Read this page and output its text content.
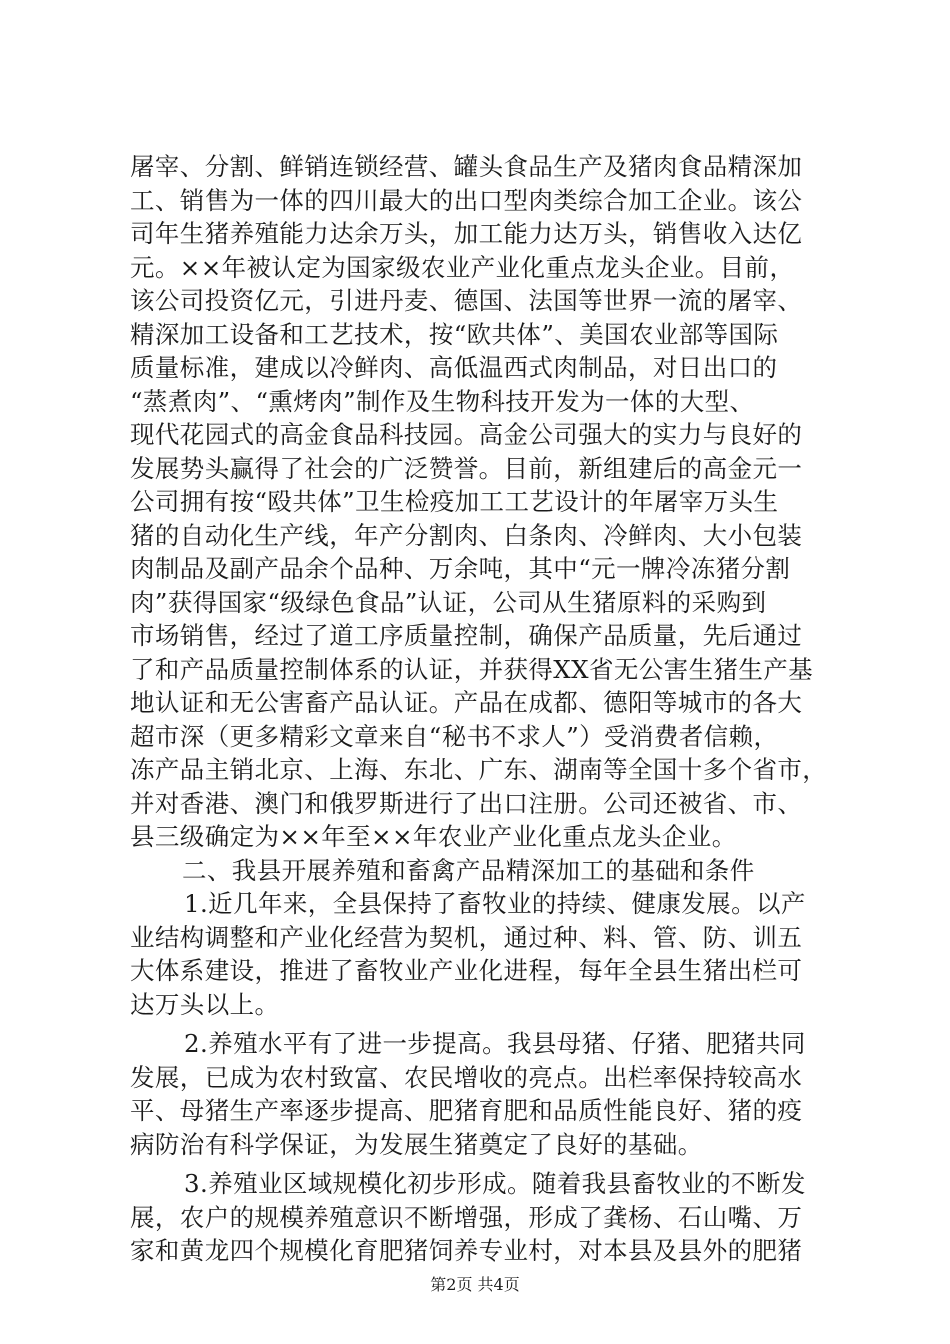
屠宰、分割、鲜销连锁经营、罐头食品生产及猪肉食品精深加
工、销售为一体的四川最大的出口型肉类综合加工企业。该公
司年生猪养殖能力达余万头，加工能力达万头，销售收入达亿
元。××年被认定为国家级农业产业化重点龙头企业。目前，
该公司投资亿元，引进丹麦、德国、法国等世界一流的屠宰、
精深加工设备和工艺技术，按“欧共体”、美国农业部等国际
质量标准，建成以冷鲜肉、高低温西式肉制品，对日出口的
“蒸煮肉”、“熏烤肉”制作及生物科技开发为一体的大型、
现代花园式的高金食品科技园。高金公司强大的实力与良好的
发展势头赢得了社会的广泛赞誉。目前，新组建后的高金元一
公司拥有按“殴共体”卫生检疫加工工艺设计的年屠宰万头生
猪的自动化生产线，年产分割肉、白条肉、冷鲜肉、大小包装
肉制品及副产品余个品种、万余吨，其中“元一牌冷冻猪分割
肉”获得国家“级绿色食品”认证，公司从生猪原料的采购到
市场销售，经过了道工序质量控制，确保产品质量，先后通过
了和产品质量控制体系的认证，并获得XX省无公害生猪生产基
地认证和无公害畜产品认证。产品在成都、德阳等城市的各大
超市深（更多精彩文章来自“秘书不求人”）受消费者信赖，
冻产品主销北京、上海、东北、广东、湖南等全国十多个省市，
并对香港、澳门和俄罗斯进行了出口注册。公司还被省、市、
县三级确定为××年至××年农业产业化重点龙头企业。
二、我县开展养殖和畜禽产品精深加工的基础和条件
1.近几年来，全县保持了畜牧业的持续、健康发展。以产
业结构调整和产业化经营为契机，通过种、料、管、防、训五
大体系建设，推进了畜牧业产业化进程，每年全县生猪出栏可
达万头以上。
2.养殖水平有了进一步提高。我县母猪、仔猪、肥猪共同
发展，已成为农村致富、农民增收的亮点。出栏率保持较高水
平、母猪生产率逐步提高、肥猪育肥和品质性能良好、猪的疫
病防治有科学保证，为发展生猪奠定了良好的基础。
3.养殖业区域规模化初步形成。随着我县畜牧业的不断发
展，农户的规模养殖意识不断增强，形成了龚杨、石山嘴、万
家和黄龙四个规模化育肥猪饲养专业村，对本县及县外的肥猪
第2页 共4页
